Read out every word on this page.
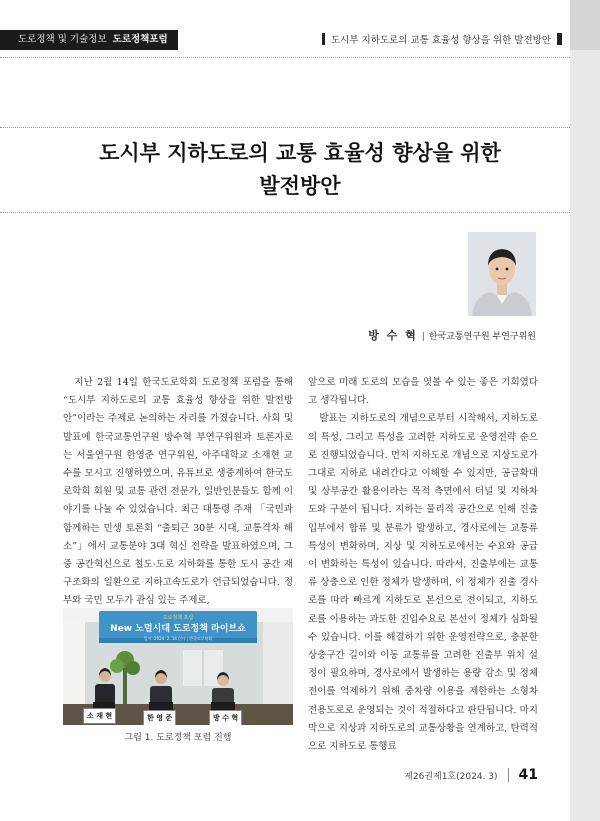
도로정책 및 기술정보 도로정책포럼	도시부 지하도로의 교통 효율성 향상을 위한 발전방안
도시부 지하도로의 교통 효율성 향상을 위한
발전방안
방 수 혁 | 한국교통연구원 부연구위원

지난 2월 14일 한국도로학회 도로정책 포럼을 통해 “도시부 지하도로의 교통 효율성 향상을 위한 발전방안”이라는 주제로 논의하는 자리를 가졌습니다. 사회 및 발표에 한국교통연구원 방수혁 부연구위원과 토론자로는 서울연구원 한영준 연구위원, 아주대학교 소재현 교수를 모시고 진행하였으며, 유튜브로 생중계하여 한국도로학회 회원 및 교통 관련 전문가, 일반인분들도 함께 이야기를 나눌 수 있었습니다. 최근 대통령 주재 「국민과 함께하는 민생 토론회 “출퇴근 30분 시대, 교통격차 해소”」에서 교통분야 3대 혁신 전략을 발표하였으며, 그 중 공간혁신으로 철도·도로 지하화를 통한 도시 공간 재구조화의 일환으로 지하고속도로가 언급되었습니다. 정부와 국민 모두가 관심 있는 주제로,

도로정책 포럼
New 노멀시대 도로정책 라이브쇼
일시: 2024. 2. 14 (수) | 한국도로학회
소 재 현	한 영 준	방 수 혁
그림 1. 도로정책 포럼 진행

앞으로 미래 도로의 모습을 엿볼 수 있는 좋은 기회였다고 생각됩니다.

발표는 지하도로의 개념으로부터 시작해서, 지하도로의 특성, 그리고 특성을 고려한 지하도로 운영전략 순으로 진행되었습니다. 먼저 지하도로 개념으로 지상도로가 그대로 지하로 내려간다고 이해할 수 있지만, 공급확대 및 상부공간 활용이라는 목적 측면에서 터널 및 지하차도와 구분이 됩니다. 지하는 물리적 공간으로 인해 진출입부에서 합류 및 분류가 발생하고, 경사로에는 교통류 특성이 변화하며, 지상 및 지하도로에서는 수요와 공급이 변화하는 특성이 있습니다. 따라서, 진출부에는 교통류 상충으로 인한 정체가 발생하며, 이 정체가 진출 경사로를 따라 빠르게 지하도로 본선으로 전이되고, 지하도로를 이용하는 과도한 진입수요로 본선이 정체가 심화될 수 있습니다. 이를 해결하기 위한 운영전략으로, 충분한 상충구간 길이와 이동 교통류를 고려한 진출부 위치 설정이 필요하며, 경사로에서 발생하는 용량 감소 및 정체 전이를 억제하기 위해 중차량 이용을 제한하는 소형차 전용도로로 운영되는 것이 적절하다고 판단됩니다. 마지막으로 지상과 지하도로의 교통상황을 연계하고, 탄력적으로 지하도로 통행료

제26권제1호(2024. 3) 41
